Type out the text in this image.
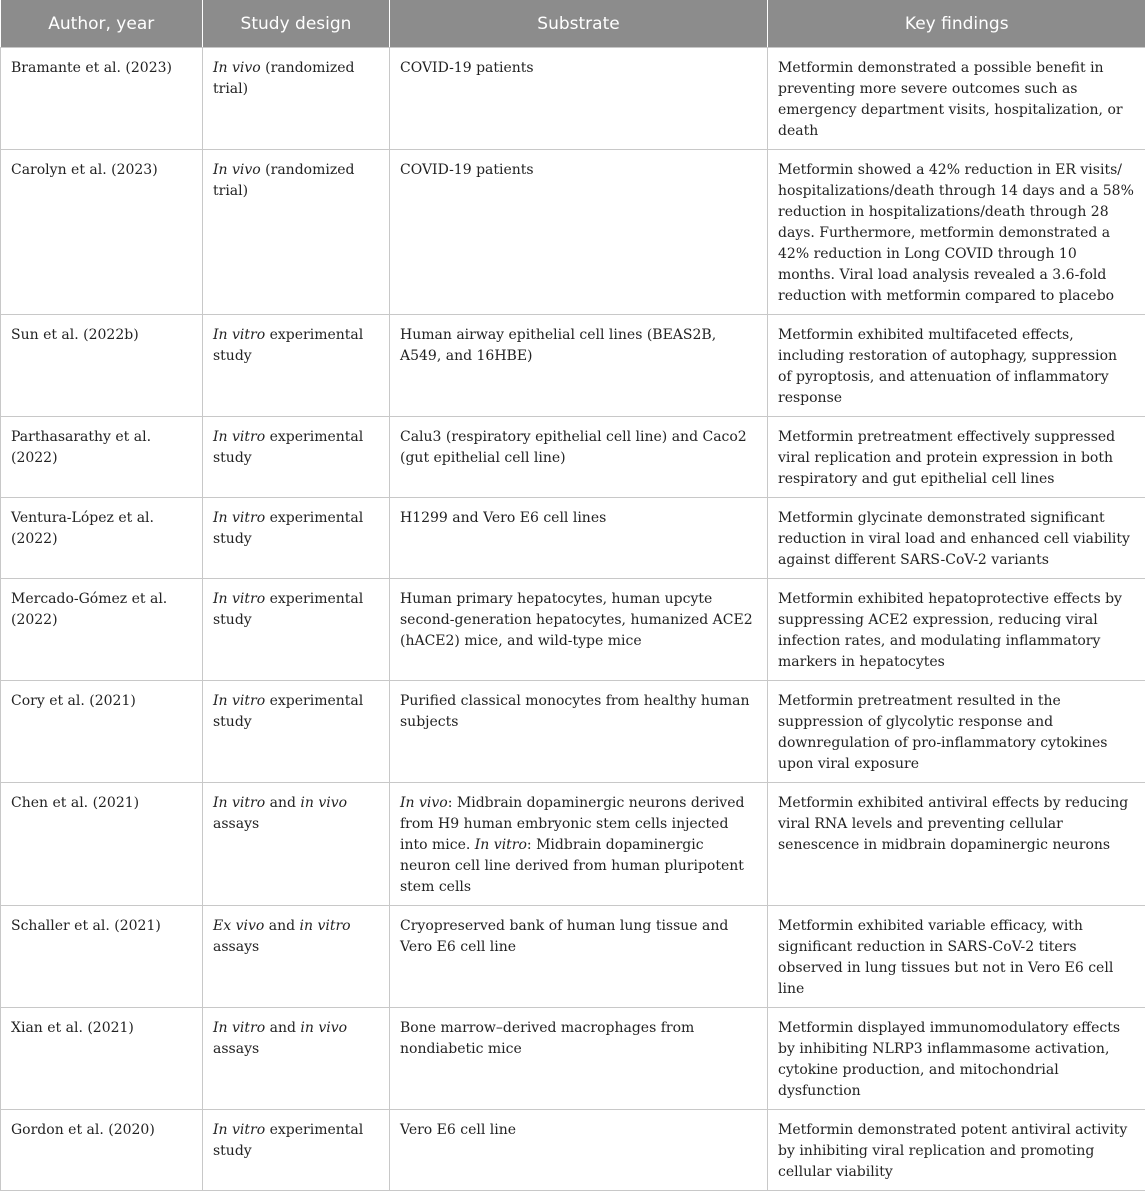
Author, year	Study design	Substrate	Key findings
Bramante et al. (2023)	In vivo (randomized trial)	COVID-19 patients	Metformin demonstrated a possible benefit in preventing more severe outcomes such as emergency department visits, hospitalization, or death
Carolyn et al. (2023)	In vivo (randomized trial)	COVID-19 patients	Metformin showed a 42% reduction in ER visits/ hospitalizations/death through 14 days and a 58% reduction in hospitalizations/death through 28 days. Furthermore, metformin demonstrated a 42% reduction in Long COVID through 10 months. Viral load analysis revealed a 3.6-fold reduction with metformin compared to placebo
Sun et al. (2022b)	In vitro experimental study	Human airway epithelial cell lines (BEAS2B, A549, and 16HBE)	Metformin exhibited multifaceted effects, including restoration of autophagy, suppression of pyroptosis, and attenuation of inflammatory response
Parthasarathy et al. (2022)	In vitro experimental study	Calu3 (respiratory epithelial cell line) and Caco2 (gut epithelial cell line)	Metformin pretreatment effectively suppressed viral replication and protein expression in both respiratory and gut epithelial cell lines
Ventura-López et al. (2022)	In vitro experimental study	H1299 and Vero E6 cell lines	Metformin glycinate demonstrated significant reduction in viral load and enhanced cell viability against different SARS-CoV-2 variants
Mercado-Gómez et al. (2022)	In vitro experimental study	Human primary hepatocytes, human upcyte second-generation hepatocytes, humanized ACE2 (hACE2) mice, and wild-type mice	Metformin exhibited hepatoprotective effects by suppressing ACE2 expression, reducing viral infection rates, and modulating inflammatory markers in hepatocytes
Cory et al. (2021)	In vitro experimental study	Purified classical monocytes from healthy human subjects	Metformin pretreatment resulted in the suppression of glycolytic response and downregulation of pro-inflammatory cytokines upon viral exposure
Chen et al. (2021)	In vitro and in vivo assays	In vivo: Midbrain dopaminergic neurons derived from H9 human embryonic stem cells injected into mice. In vitro: Midbrain dopaminergic neuron cell line derived from human pluripotent stem cells	Metformin exhibited antiviral effects by reducing viral RNA levels and preventing cellular senescence in midbrain dopaminergic neurons
Schaller et al. (2021)	Ex vivo and in vitro assays	Cryopreserved bank of human lung tissue and Vero E6 cell line	Metformin exhibited variable efficacy, with significant reduction in SARS-CoV-2 titers observed in lung tissues but not in Vero E6 cell line
Xian et al. (2021)	In vitro and in vivo assays	Bone marrow–derived macrophages from nondiabetic mice	Metformin displayed immunomodulatory effects by inhibiting NLRP3 inflammasome activation, cytokine production, and mitochondrial dysfunction
Gordon et al. (2020)	In vitro experimental study	Vero E6 cell line	Metformin demonstrated potent antiviral activity by inhibiting viral replication and promoting cellular viability
